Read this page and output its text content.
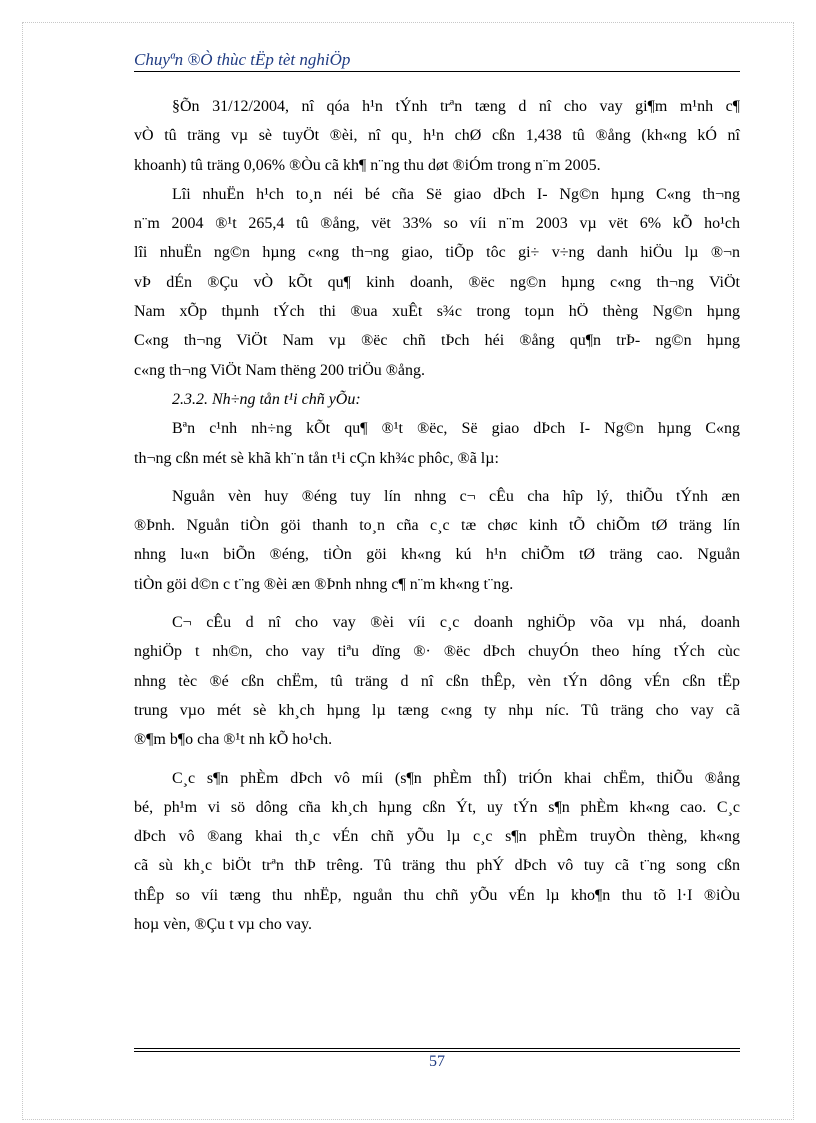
Chuyªn ®Ò thùc tËp tèt nghiÖp
§Õn 31/12/2004, nî qóa h¹n tÝnh trªn tæng d nî cho vay gi¶m m¹nh c¶
vÒ tû träng vµ sè tuyÖt ®èi, nî qu¸ h¹n chØ cßn 1,438 tû ®ång (kh«ng kÓ nî
khoanh) tû träng 0,06% ®Òu cã kh¶ n¨ng thu døt ®iÓm trong n¨m 2005.
Lîi nhuËn h¹ch to¸n néi bé cña Së giao dÞch I- Ng©n hµng C«ng th¬ng
n¨m 2004 ®¹t 265,4 tû ®ång, vët 33% so víi n¨m 2003 vµ vët 6% kÕ ho¹ch
lîi nhuËn ng©n hµng c«ng th¬ng giao, tiÕp tôc gi÷ v÷ng danh hiÖu lµ ®¬n
vÞ dÉn ®Çu vÒ kÕt qu¶ kinh doanh, ®ëc ng©n hµng c«ng th¬ng ViÖt
Nam xÕp thµnh tÝch thi ®ua xuÊt s¾c trong toµn hÖ thèng Ng©n hµng
C«ng th¬ng ViÖt Nam vµ ®ëc chñ tÞch héi ®ång qu¶n trÞ- ng©n hµng
c«ng th¬ng ViÖt Nam thëng 200 triÖu ®ång.

2.3.2. Nh÷ng tån t¹i chñ yÕu:

Bªn c¹nh nh÷ng kÕt qu¶ ®¹t ®ëc, Së giao dÞch I- Ng©n hµng C«ng
th¬ng cßn mét sè khã kh¨n tån t¹i cÇn kh¾c phôc, ®ã lµ:
Nguån vèn huy ®éng tuy lín nhng c¬ cÊu cha hîp lý, thiÕu tÝnh æn
®Þnh. Nguån tiÒn göi thanh to¸n cña c¸c tæ chøc kinh tÕ chiÕm tØ träng lín
nhng lu«n biÕn ®éng, tiÒn göi kh«ng kú h¹n chiÕm tØ träng cao. Nguån
tiÒn göi d©n c t¨ng ®èi æn ®Þnh nhng c¶ n¨m kh«ng t¨ng.
C¬ cÊu d nî cho vay ®èi víi c¸c doanh nghiÖp võa vµ nhá, doanh
nghiÖp t nh©n, cho vay tiªu dïng ®· ®ëc dÞch chuyÓn theo híng tÝch cùc
nhng tèc ®é cßn chËm, tû träng d nî cßn thÊp, vèn tÝn dông vÉn cßn tËp
trung vµo mét sè kh¸ch hµng lµ tæng c«ng ty nhµ níc. Tû träng cho vay cã
®¶m b¶o cha ®¹t nh kÕ ho¹ch.
C¸c s¶n phÈm dÞch vô míi (s¶n phÈm thÎ) triÓn khai chËm, thiÕu ®ång
bé, ph¹m vi sö dông cña kh¸ch hµng cßn Ýt, uy tÝn s¶n phÈm kh«ng cao. C¸c
dÞch vô ®ang khai th¸c vÉn chñ yÕu lµ c¸c s¶n phÈm truyÒn thèng, kh«ng
cã sù kh¸c biÖt trªn thÞ trêng. Tû träng thu phÝ dÞch vô tuy cã t¨ng song cßn
thÊp so víi tæng thu nhËp, nguån thu chñ yÕu vÉn lµ kho¶n thu tõ l·I ®iÒu
hoµ vèn, ®Çu t vµ cho vay.
57
